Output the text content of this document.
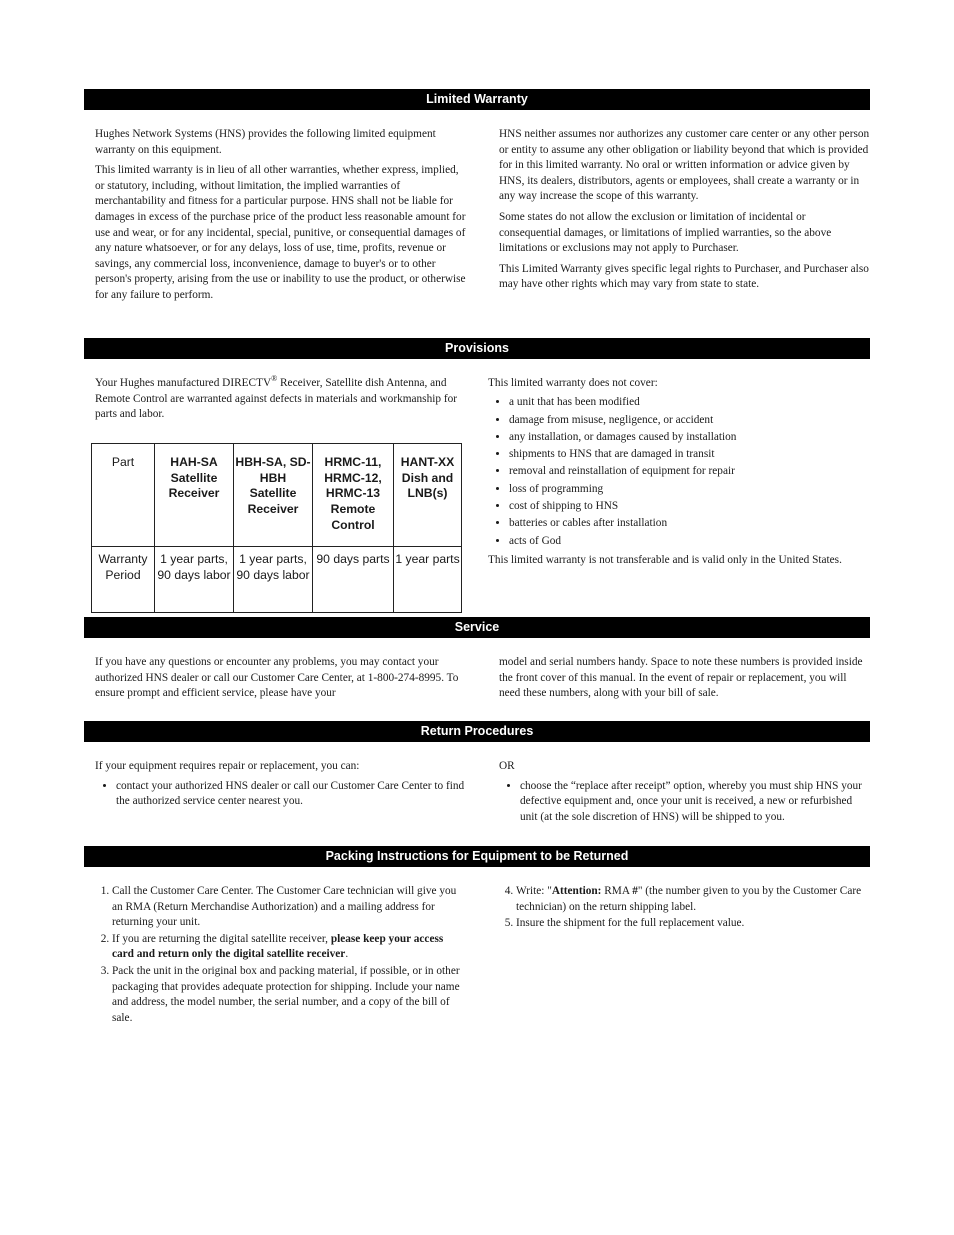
Limited Warranty

Hughes Network Systems (HNS) provides the following limited equipment warranty on this equipment.

This limited warranty is in lieu of all other warranties, whether express, implied, or statutory, including, without limitation, the implied warranties of merchantability and fitness for a particular purpose. HNS shall not be liable for damages in excess of the purchase price of the product less reasonable amount for use and wear, or for any incidental, special, punitive, or consequential damages of any nature whatsoever, or for any delays, loss of use, time, profits, revenue or savings, any commercial loss, inconvenience, damage to buyer's or to other person's property, arising from the use or inability to use the product, or otherwise for any failure to perform.

HNS neither assumes nor authorizes any customer care center or any other person or entity to assume any other obligation or liability beyond that which is provided for in this limited warranty. No oral or written information or advice given by HNS, its dealers, distributors, agents or employees, shall create a warranty or in any way increase the scope of this warranty.

Some states do not allow the exclusion or limitation of incidental or consequential damages, or limitations of implied warranties, so the above limitations or exclusions may not apply to Purchaser.

This Limited Warranty gives specific legal rights to Purchaser, and Purchaser also may have other rights which may vary from state to state.

Provisions

Your Hughes manufactured DIRECTV® Receiver, Satellite dish Antenna, and Remote Control are warranted against defects in materials and workmanship for parts and labor.

Part	HAH-SA Satellite Receiver	HBH-SA, SD-HBH Satellite Receiver	HRMC-11, HRMC-12, HRMC-13 Remote Control	HANT-XX Dish and LNB(s)
Warranty Period	1 year parts, 90 days labor	1 year parts, 90 days labor	90 days parts	1 year parts

This limited warranty does not cover:

• a unit that has been modified
• damage from misuse, negligence, or accident
• any installation, or damages caused by installation
• shipments to HNS that are damaged in transit
• removal and reinstallation of equipment for repair
• loss of programming
• cost of shipping to HNS
• batteries or cables after installation
• acts of God

This limited warranty is not transferable and is valid only in the United States.

Service

If you have any questions or encounter any problems, you may contact your authorized HNS dealer or call our Customer Care Center, at 1-800-274-8995. To ensure prompt and efficient service, please have your

model and serial numbers handy. Space to note these numbers is provided inside the front cover of this manual. In the event of repair or replacement, you will need these numbers, along with your bill of sale.

Return Procedures

If your equipment requires repair or replacement, you can:

• contact your authorized HNS dealer or call our Customer Care Center to find the authorized service center nearest you.

OR

• choose the “replace after receipt” option, whereby you must ship HNS your defective equipment and, once your unit is received, a new or refurbished unit (at the sole discretion of HNS) will be shipped to you.
Packing Instructions for Equipment to be Returned
1. Call the Customer Care Center. The Customer Care technician will give you an RMA (Return Merchandise Authorization) and a mailing address for returning your unit.
2. If you are returning the digital satellite receiver, please keep your access card and return only the digital satellite receiver.
3. Pack the unit in the original box and packing material, if possible, or in other packaging that provides adequate protection for shipping. Include your name and address, the model number, the serial number, and a copy of the bill of sale.
4. Write: "Attention: RMA #" (the number given to you by the Customer Care technician) on the return shipping label.
5. Insure the shipment for the full replacement value.
